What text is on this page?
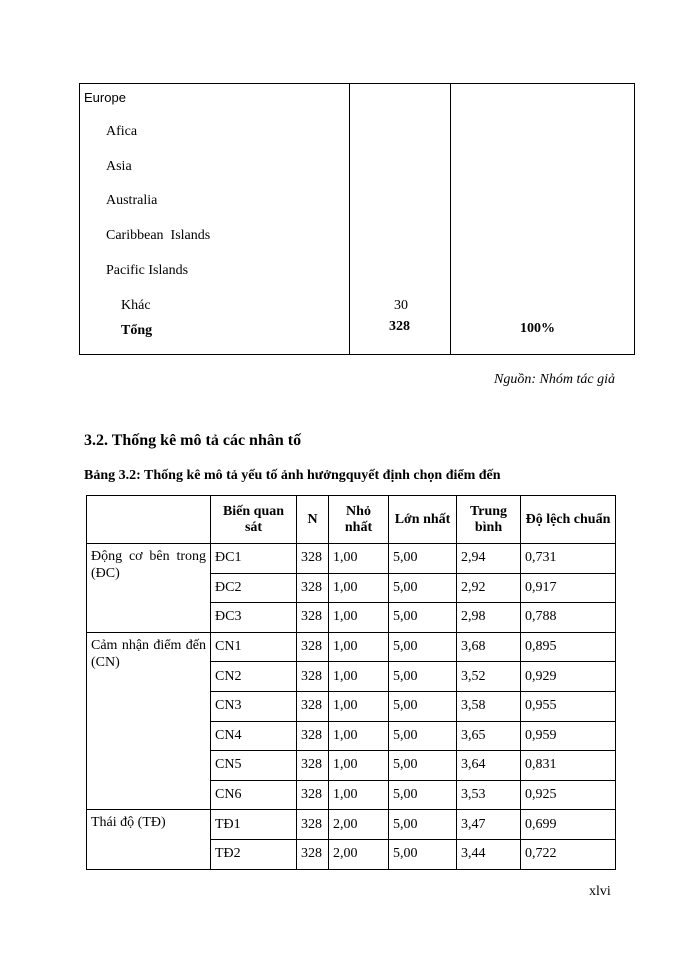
Europe
Afica
Asia
Australia
Caribbean  Islands
Pacific Islands
Khác	30
Tổng	328	100%
Nguồn: Nhóm tác giả
3.2. Thống kê mô tả các nhân tố
Bảng 3.2: Thống kê mô tả yếu tố ảnh hưởngquyết định chọn điểm đến
	Biến quan sát	N	Nhỏ nhất	Lớn nhất	Trung bình	Độ lệch chuẩn
Động cơ bên trong (ĐC)	ĐC1	328	1,00	5,00	2,94	0,731
	ĐC2	328	1,00	5,00	2,92	0,917
	ĐC3	328	1,00	5,00	2,98	0,788
Cảm nhận điểm đến (CN)	CN1	328	1,00	5,00	3,68	0,895
	CN2	328	1,00	5,00	3,52	0,929
	CN3	328	1,00	5,00	3,58	0,955
	CN4	328	1,00	5,00	3,65	0,959
	CN5	328	1,00	5,00	3,64	0,831
	CN6	328	1,00	5,00	3,53	0,925
Thái độ (TĐ)	TĐ1	328	2,00	5,00	3,47	0,699
	TĐ2	328	2,00	5,00	3,44	0,722
xlvi
